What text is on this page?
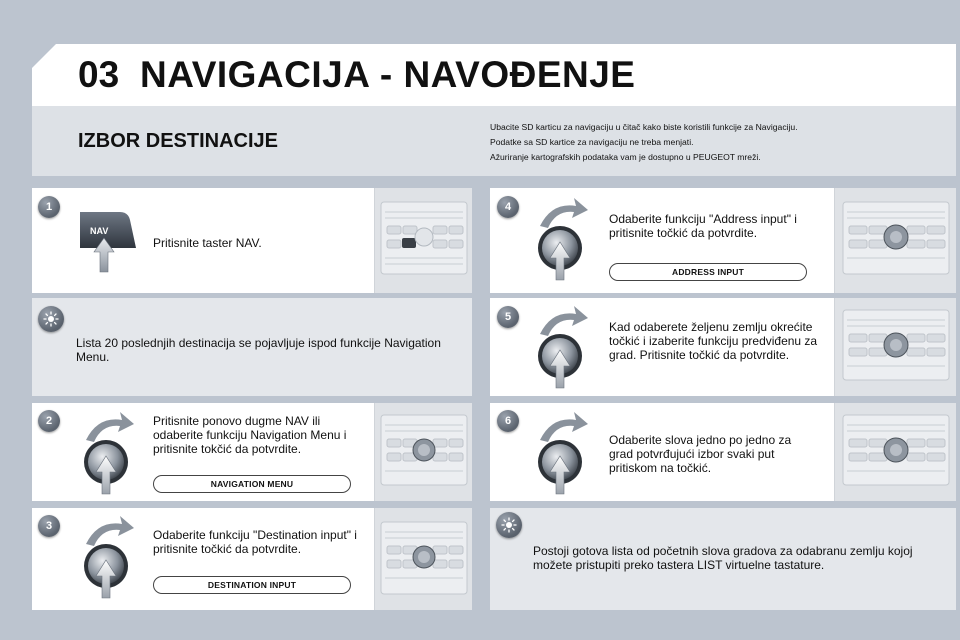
03 NAVIGACIJA - NAVOĐENJE
IZBOR DESTINACIJE
Ubacite SD karticu za navigaciju u čitač kako biste koristili funkcije za Navigaciju.
Podatke sa SD kartice za navigaciju ne treba menjati.
Ažuriranje kartografskih podataka vam je dostupno u PEUGEOT mreži.
1
NAV
Pritisnite taster NAV.
Lista 20 poslednjih destinacija se pojavljuje ispod funkcije Navigation Menu.
2	Pritisnite ponovo dugme NAV ili odaberite funkciju Navigation Menu i pritisnite tokčić da potvrdite.
NAVIGATION MENU
3
Odaberite funkciju "Destination input" i pritisnite točkić da potvrdite.
DESTINATION INPUT
4
Odaberite funkciju "Address input" i pritisnite točkić da potvrdite.
ADDRESS INPUT
5
Kad odaberete željenu zemlju okrećite točkić i izaberite funkciju predviđenu za grad. Pritisnite točkić da potvrdite.
6
Odaberite slova jedno po jedno za grad potvrđujući izbor svaki put pritiskom na točkić.
Postoji gotova lista od početnih slova gradova za odabranu zemlju kojoj možete pristupiti preko tastera LIST virtuelne tastature.
